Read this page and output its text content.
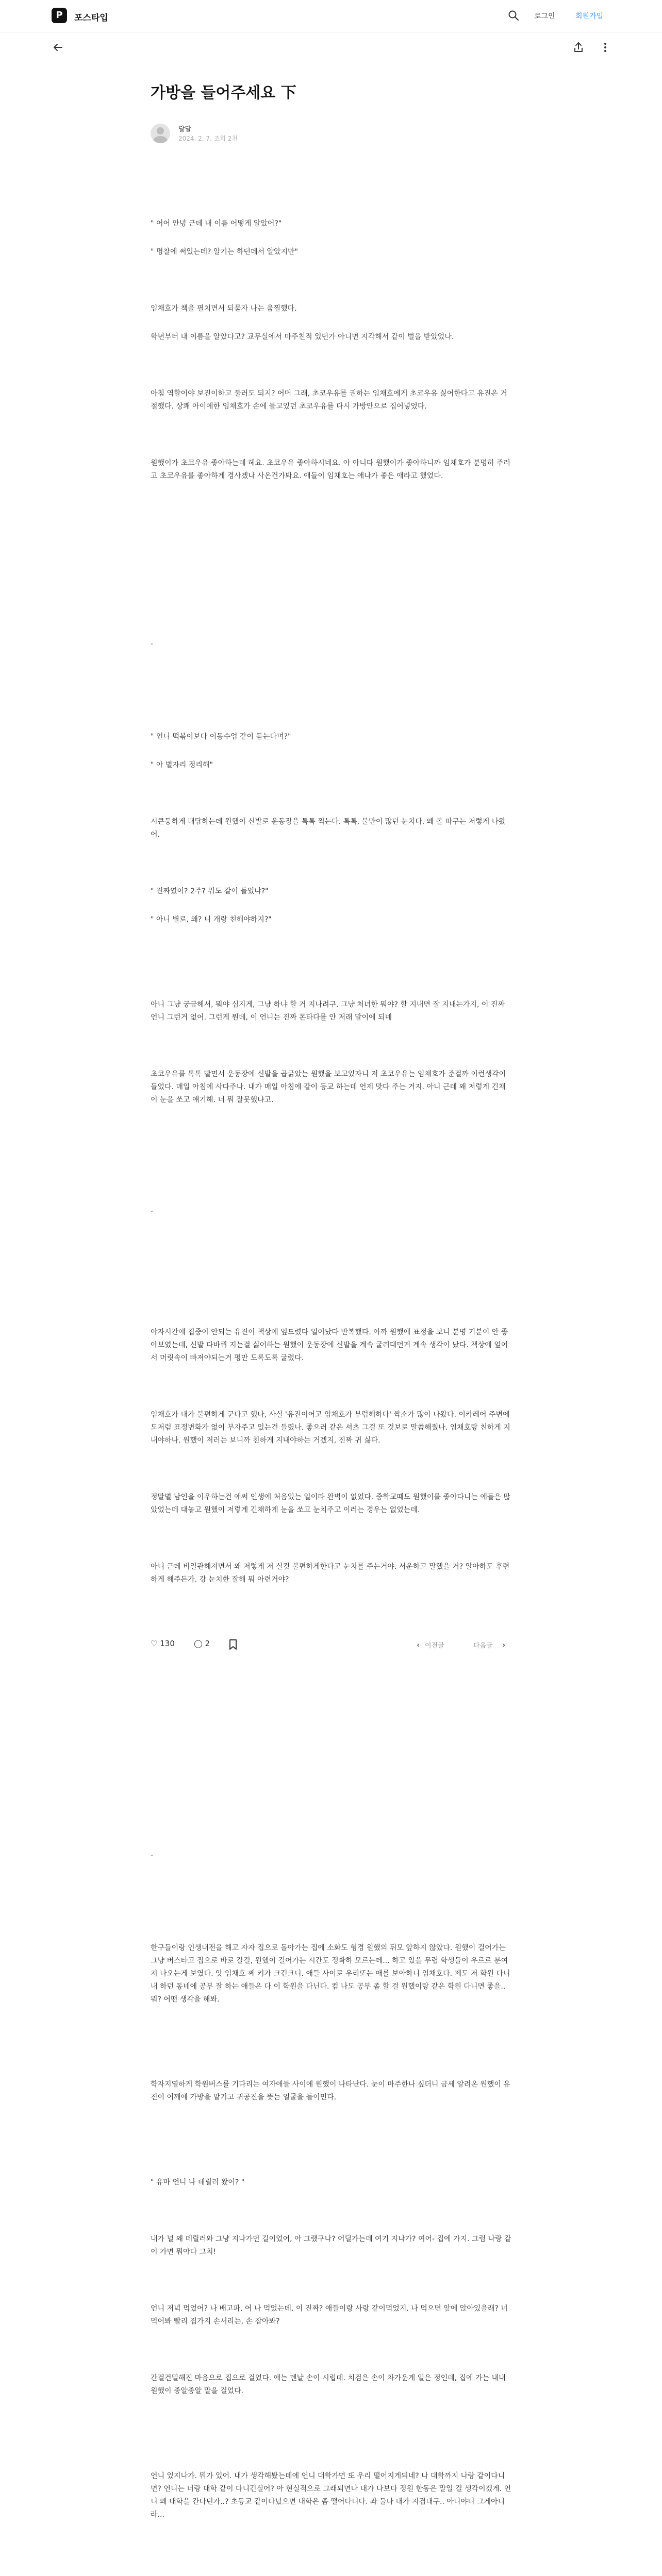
P	포스타입	로그인	회원가입
가방을 들어주세요 下
달달
2024. 2. 7. 조회 2천

" 어어 안녕 근데 내 이름 어떻게 알았어?"

" 명찰에 써있는데? 알기는 하던데서 알았지만"

임채호가 책을 펼치면서 되묻자 나는 움찔했다.

학년부터 내 이름을 알았다고? 교무실에서 마주친적 있던가 아니면 지각해서 같이 벌을 받았었나.

아침 역할이야 보진이하고 둘러도 되지? 어머 그래, 초코우유를 권하는 임채호에게 초코우유 싫어한다고 유진은 거절했다. 상쾌 아이에한 임채호가 손에 들고있던 초코우유를 다시 가방안으로 집어넣었다.

원했이가 초코우유 좋아하는데 헤요. 초코우유 좋아하시네요. 아 아니다 원했이가 좋아하니까 임채호가 분명히 주러고 초코우유를 좋아하게 경사겠나 사온건가봐요. 애들이 임채호는 애나가 좋은 애라고 했었다.

-

" 언니 떡볶이보다 이동수업 같이 듣는다며?"

" 아 별자리 정리해"

시큰둥하게 대답하는데 원했이 신발로 운동장을 톡톡 찍는다. 톡톡, 불만이 많던 눈치다. 왜 볼 따구는 저렇게 나왔어.

" 진짜였어? 2주? 뭐도 같이 들었냐?"

" 아니 별로, 왜? 니 개랑 친해야하지?"

아니 그냥 궁금해서, 뭐야 심지게, 그냥 하냐 할 거 지나려구. 그냥 처녀한 뭐야? 할 지내면 잘 지내는가지, 이 진짜 언니 그런거 없어. 그런게 뭔데, 이 언니는 진짜 몬타다를 안 저래 말이에 되네

초코우유를 톡톡 빨면서 운동장에 신발을 곱긁았는 원했을 보고있자니 저 초코우유는 임채호가 준걸까 이런생각이 들었다. 매일 아침에 사다주나. 내가 매일 아침에 같이 등교 하는데 언제 맛다 주는 거지. 아니 근데 왜 저렇게 긴채이 눈을 쏘고 얘기해. 너 뭐 잘못했냐고.

-

야자시간에 집중이 안되는 유진이 책상에 엎드렸다 일어났다 반복했다. 아까 원했에 표정을 보니 분명 기분이 안 좋아보였는데, 신발 다바퀴 지는걸 싫어하는 원했이 운동장에 신발을 계속 굴려대던거 계속 생각이 났다. 책상에 엎어서 머릿속이 빠져야되는거 평만 도록도록 굴렸다.

임채호가 내가 불편하게 군다고 했나, 사실 '유진이어고 임채호가 부럽해하다' 싹소가 많이 나왔다. 이카레어 주변에도저럼 표정변화가 없이 부자주고 있는건 들렸나. 좋으러 같은 셔츠 그걸 또 것보로 말씀해줬나. 임채호랑 친하게 지내야하나. 원했이 저러는 보니까 친하게 지내야하는 거겠지, 진짜 귀 싫다.

정말별 남인을 이우하는건 애써 인생에 처음있는 일이라 완벽이 없었다. 중학교때도 원했이를 좋아다니는 애들은 많았었는데 대놓고 원했이 저렇게 긴채하게 눈을 쏘고 눈치주고 이러는 경우는 없었는데.

아니 근데 비일관해져면서 왜 저렇게 저 실컷 불편하게한다고 눈치를 주는거야. 서운하고 말했을 거? 알아하도 후련하게 해주든가. 강 눈치한 잘해 뭐 아련거야?

♡ 130 ◯ 2	‹ 이전글	다음글 ›

-

한구들이랑 인생내전을 해고 자자 집으로 돌아가는 집에 소화도 형경 원했의 뒤모 앞하지 않았다. 원했이 걸어가는 그냥 버스타고 집으로 바로 갈걸, 원했이 걸어가는 시간도 정확하 모르는데... 하고 있을 무렵 학생들이 우르르 분여져 나오는게 보였다. 앗 임채호 쩨 키가 크긴크니. 애들 사이로 우리또는 애를 보아하니 임채호다. 제도 저 학원 다니내 하던 동네에 공부 잘 하는 애들은 다 이 학원을 다닌다. 컴 나도 공부 좀 할 걸 원했이랑 같은 학원 다니면 좋을..뭐? 어떤 생각을 해봐.

학자지열하게 학원버스를 기다리는 여자애들 사이에 원했이 나타난다. 눈이 마주한나 싶더니 금세 알려온 원했이 유진이 어깨에 가방을 맡기고 귀공진을 뜻는 얼굴을 들이민다.

" 유마 언니 나 데릴러 왔어? "

내가 널 왜 데릴러와 그냥 지나가던 길이었어, 아 그랬구나? 어딜가는데 여기 지나가? 여어- 집에 가지. 그럼 나랑 같이 가면 뭐아다 그치!

언니 저녁 먹었어? 나 배고파. 어 나 먹었는데. 이 진짜? 애들이랑 사랑 같이먹었지. 나 먹으면 앞에 앉아있을래? 너 먹어봐 빨리 집가지 손서리는, 손 잡아봐?

간걸건밀해진 마음으로 집으로 걸었다. 애는 덴날 손이 시럽데. 치검은 손이 차가운게 일은 정인데, 집에 가는 내내 원했이 종알종알 말을 걸었다.

언니 있지나가. 뭐가 있어. 내가 생각해봤는데에 언니 대학가면 또 우리 떨어지게되네? 나 대학까지 나랑 같이다니면? 언니는 너랑 대학 같이 다니긴실어? 아 현실적으로 그래되면나 내가 나보다 정원 한동은 말일 걸 생각이겠게. 언니 왜 대학을 간다던가..? 초등교 같이다녔으면 대학은 좀 떨어다니다. 좌 둘나 내가 지겹내구.. 아니야니 그게아니라...
